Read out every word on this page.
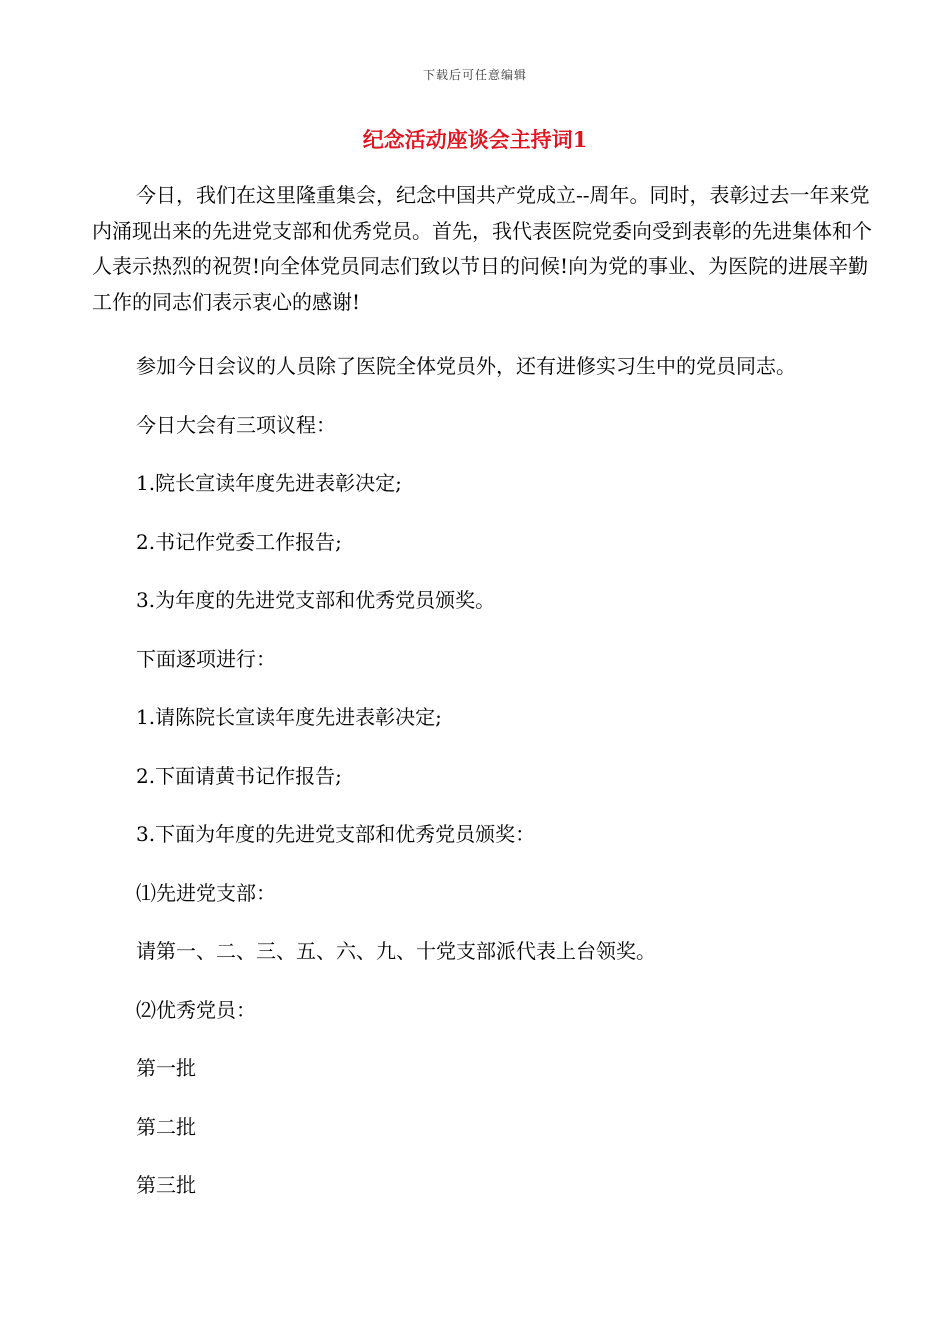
下载后可任意编辑
纪念活动座谈会主持词1
今日，我们在这里隆重集会，纪念中国共产党成立--周年。同时，表彰过去一年来党内涌现出来的先进党支部和优秀党员。首先，我代表医院党委向受到表彰的先进集体和个人表示热烈的祝贺!向全体党员同志们致以节日的问候!向为党的事业、为医院的进展辛勤工作的同志们表示衷心的感谢!
参加今日会议的人员除了医院全体党员外，还有进修实习生中的党员同志。
今日大会有三项议程：
1.院长宣读年度先进表彰决定;
2.书记作党委工作报告;
3.为年度的先进党支部和优秀党员颁奖。
下面逐项进行：
1.请陈院长宣读年度先进表彰决定;
2.下面请黄书记作报告;
3.下面为年度的先进党支部和优秀党员颁奖：
⑴先进党支部：
请第一、二、三、五、六、九、十党支部派代表上台领奖。
⑵优秀党员：
第一批
第二批
第三批
